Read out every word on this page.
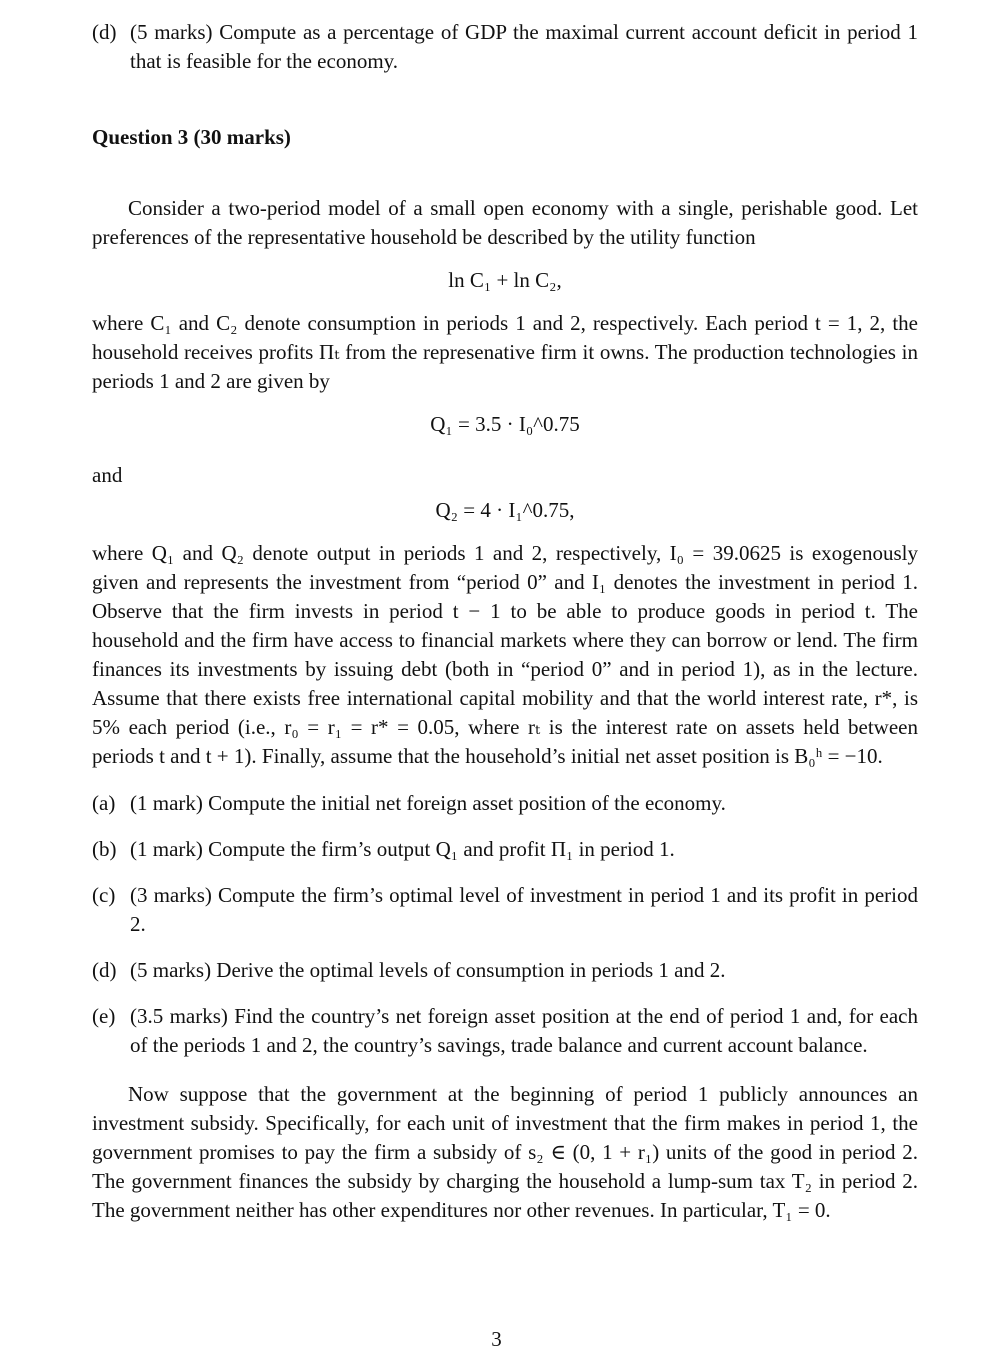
(d) (5 marks) Compute as a percentage of GDP the maximal current account deficit in period 1 that is feasible for the economy.
Question 3 (30 marks)

Consider a two-period model of a small open economy with a single, perishable good. Let preferences of the representative household be described by the utility function

ln C₁ + ln C₂,

where C₁ and C₂ denote consumption in periods 1 and 2, respectively. Each period t = 1, 2, the household receives profits Πₜ from the represenative firm it owns. The production technologies in periods 1 and 2 are given by

Q₁ = 3.5 · I₀^0.75

and

Q₂ = 4 · I₁^0.75,

where Q₁ and Q₂ denote output in periods 1 and 2, respectively, I₀ = 39.0625 is exogenously given and represents the investment from “period 0” and I₁ denotes the investment in period 1. Observe that the firm invests in period t − 1 to be able to produce goods in period t. The household and the firm have access to financial markets where they can borrow or lend. The firm finances its investments by issuing debt (both in “period 0” and in period 1), as in the lecture. Assume that there exists free international capital mobility and that the world interest rate, r*, is 5% each period (i.e., r₀ = r₁ = r* = 0.05, where rₜ is the interest rate on assets held between periods t and t + 1). Finally, assume that the household’s initial net asset position is B₀ʰ = −10.

(a) (1 mark) Compute the initial net foreign asset position of the economy.
(b) (1 mark) Compute the firm’s output Q₁ and profit Π₁ in period 1.
(c) (3 marks) Compute the firm’s optimal level of investment in period 1 and its profit in period 2.
(d) (5 marks) Derive the optimal levels of consumption in periods 1 and 2.
(e) (3.5 marks) Find the country’s net foreign asset position at the end of period 1 and, for each of the periods 1 and 2, the country’s savings, trade balance and current account balance.

Now suppose that the government at the beginning of period 1 publicly announces an investment subsidy. Specifically, for each unit of investment that the firm makes in period 1, the government promises to pay the firm a subsidy of s₂ ∈ (0, 1 + r₁) units of the good in period 2. The government finances the subsidy by charging the household a lump-sum tax T₂ in period 2. The government neither has other expenditures nor other revenues. In particular, T₁ = 0.

3
